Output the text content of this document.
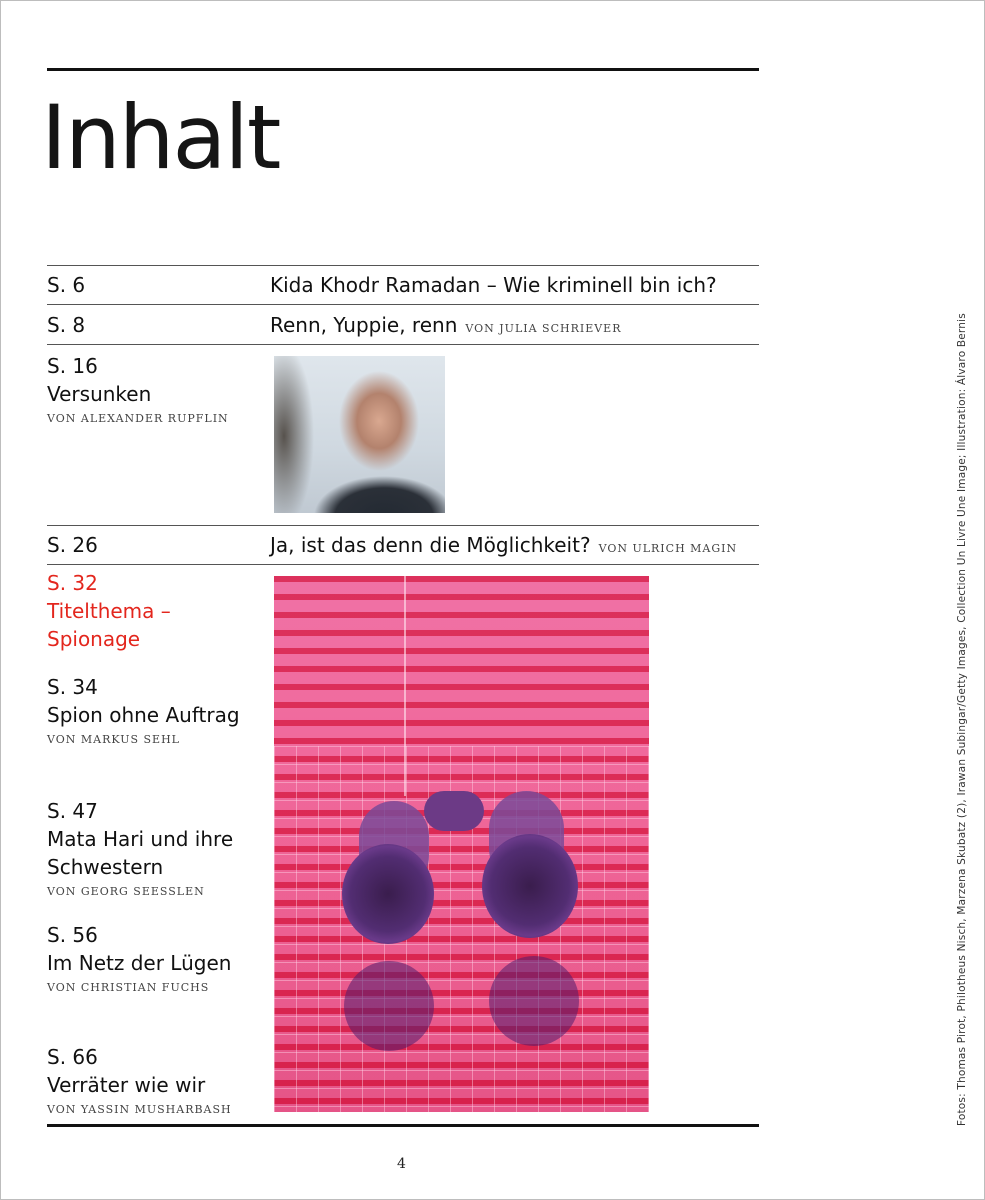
Inhalt
S. 6	Kida Khodr Ramadan – Wie kriminell bin ich?
S. 8	Renn, Yuppie, renn VON JULIA SCHRIEVER
S. 16
Versunken
VON ALEXANDER RUPFLIN
S. 26	Ja, ist das denn die Möglichkeit? VON ULRICH MAGIN
S. 32
Titelthema – Spionage
S. 34
Spion ohne Auftrag
VON MARKUS SEHL
S. 47
Mata Hari und ihre Schwestern
VON GEORG SEESSLEN
S. 56
Im Netz der Lügen
VON CHRISTIAN FUCHS
S. 66
Verräter wie wir
VON YASSIN MUSHARBASH
4
Fotos: Thomas Pirot, Philotheus Nisch, Marzena Skubatz (2), Irawan Subingar/Getty Images, Collection Un Livre Une Image; Illustration: Álvaro Bernis
